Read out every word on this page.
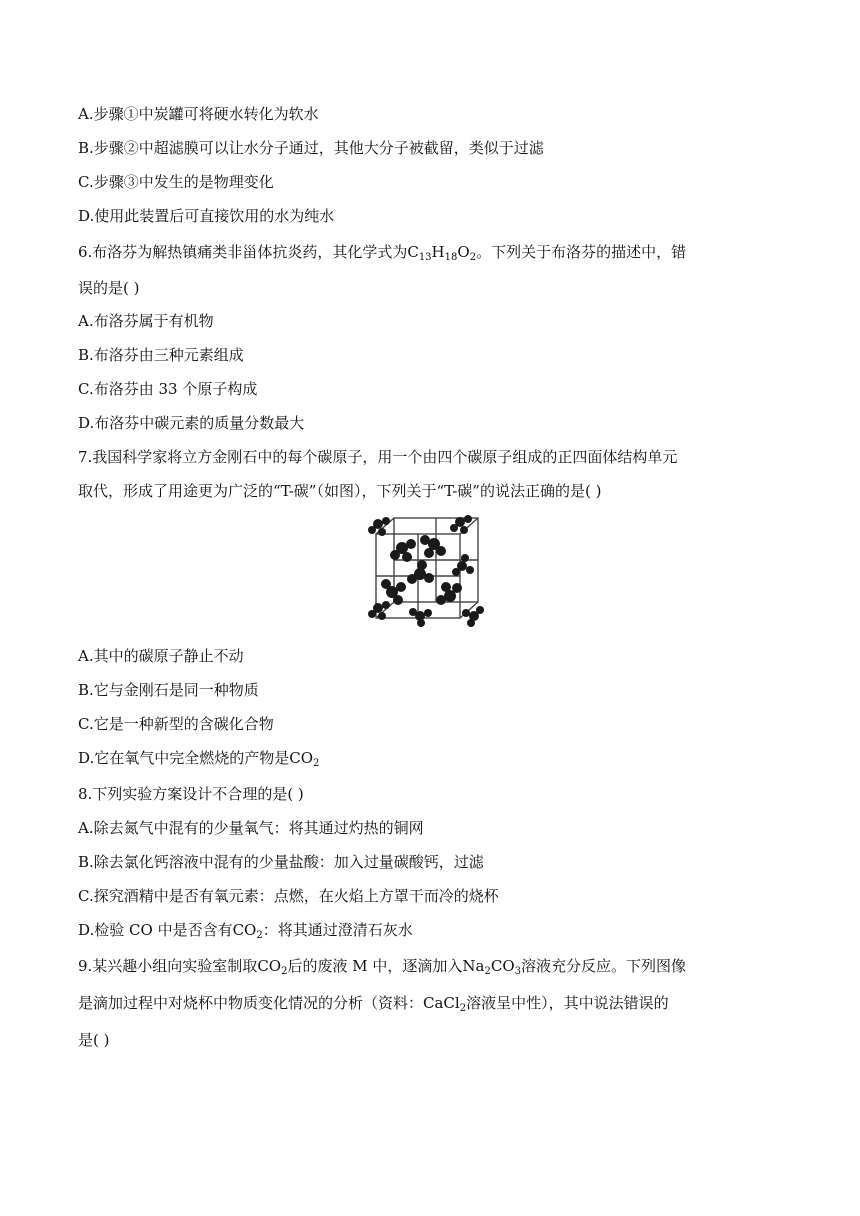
A.步骤①中炭罐可将硬水转化为软水
B.步骤②中超滤膜可以让水分子通过，其他大分子被截留，类似于过滤
C.步骤③中发生的是物理变化
D.使用此装置后可直接饮用的水为纯水
6.布洛芬为解热镇痛类非甾体抗炎药，其化学式为$C_{13}H_{18}O_2$。下列关于布洛芬的描述中，错
误的是( )
A.布洛芬属于有机物
B.布洛芬由三种元素组成
C.布洛芬由 33 个原子构成
D.布洛芬中碳元素的质量分数最大
7.我国科学家将立方金刚石中的每个碳原子，用一个由四个碳原子组成的正四面体结构单元
取代，形成了用途更为广泛的“T-碳”（如图），下列关于“T-碳”的说法正确的是( )
A.其中的碳原子静止不动
B.它与金刚石是同一种物质
C.它是一种新型的含碳化合物
D.它在氧气中完全燃烧的产物是$CO_2$
8.下列实验方案设计不合理的是( )
A.除去氮气中混有的少量氧气：将其通过灼热的铜网
B.除去氯化钙溶液中混有的少量盐酸：加入过量碳酸钙，过滤
C.探究酒精中是否有氧元素：点燃，在火焰上方罩干而冷的烧杯
D.检验 CO 中是否含有$CO_2$：将其通过澄清石灰水
9.某兴趣小组向实验室制取$CO_2$后的废液 M 中，逐滴加入$Na_2CO_3$溶液充分反应。下列图像
是滴加过程中对烧杯中物质变化情况的分析（资料：CaCl$_2$溶液呈中性），其中说法错误的
是( )
